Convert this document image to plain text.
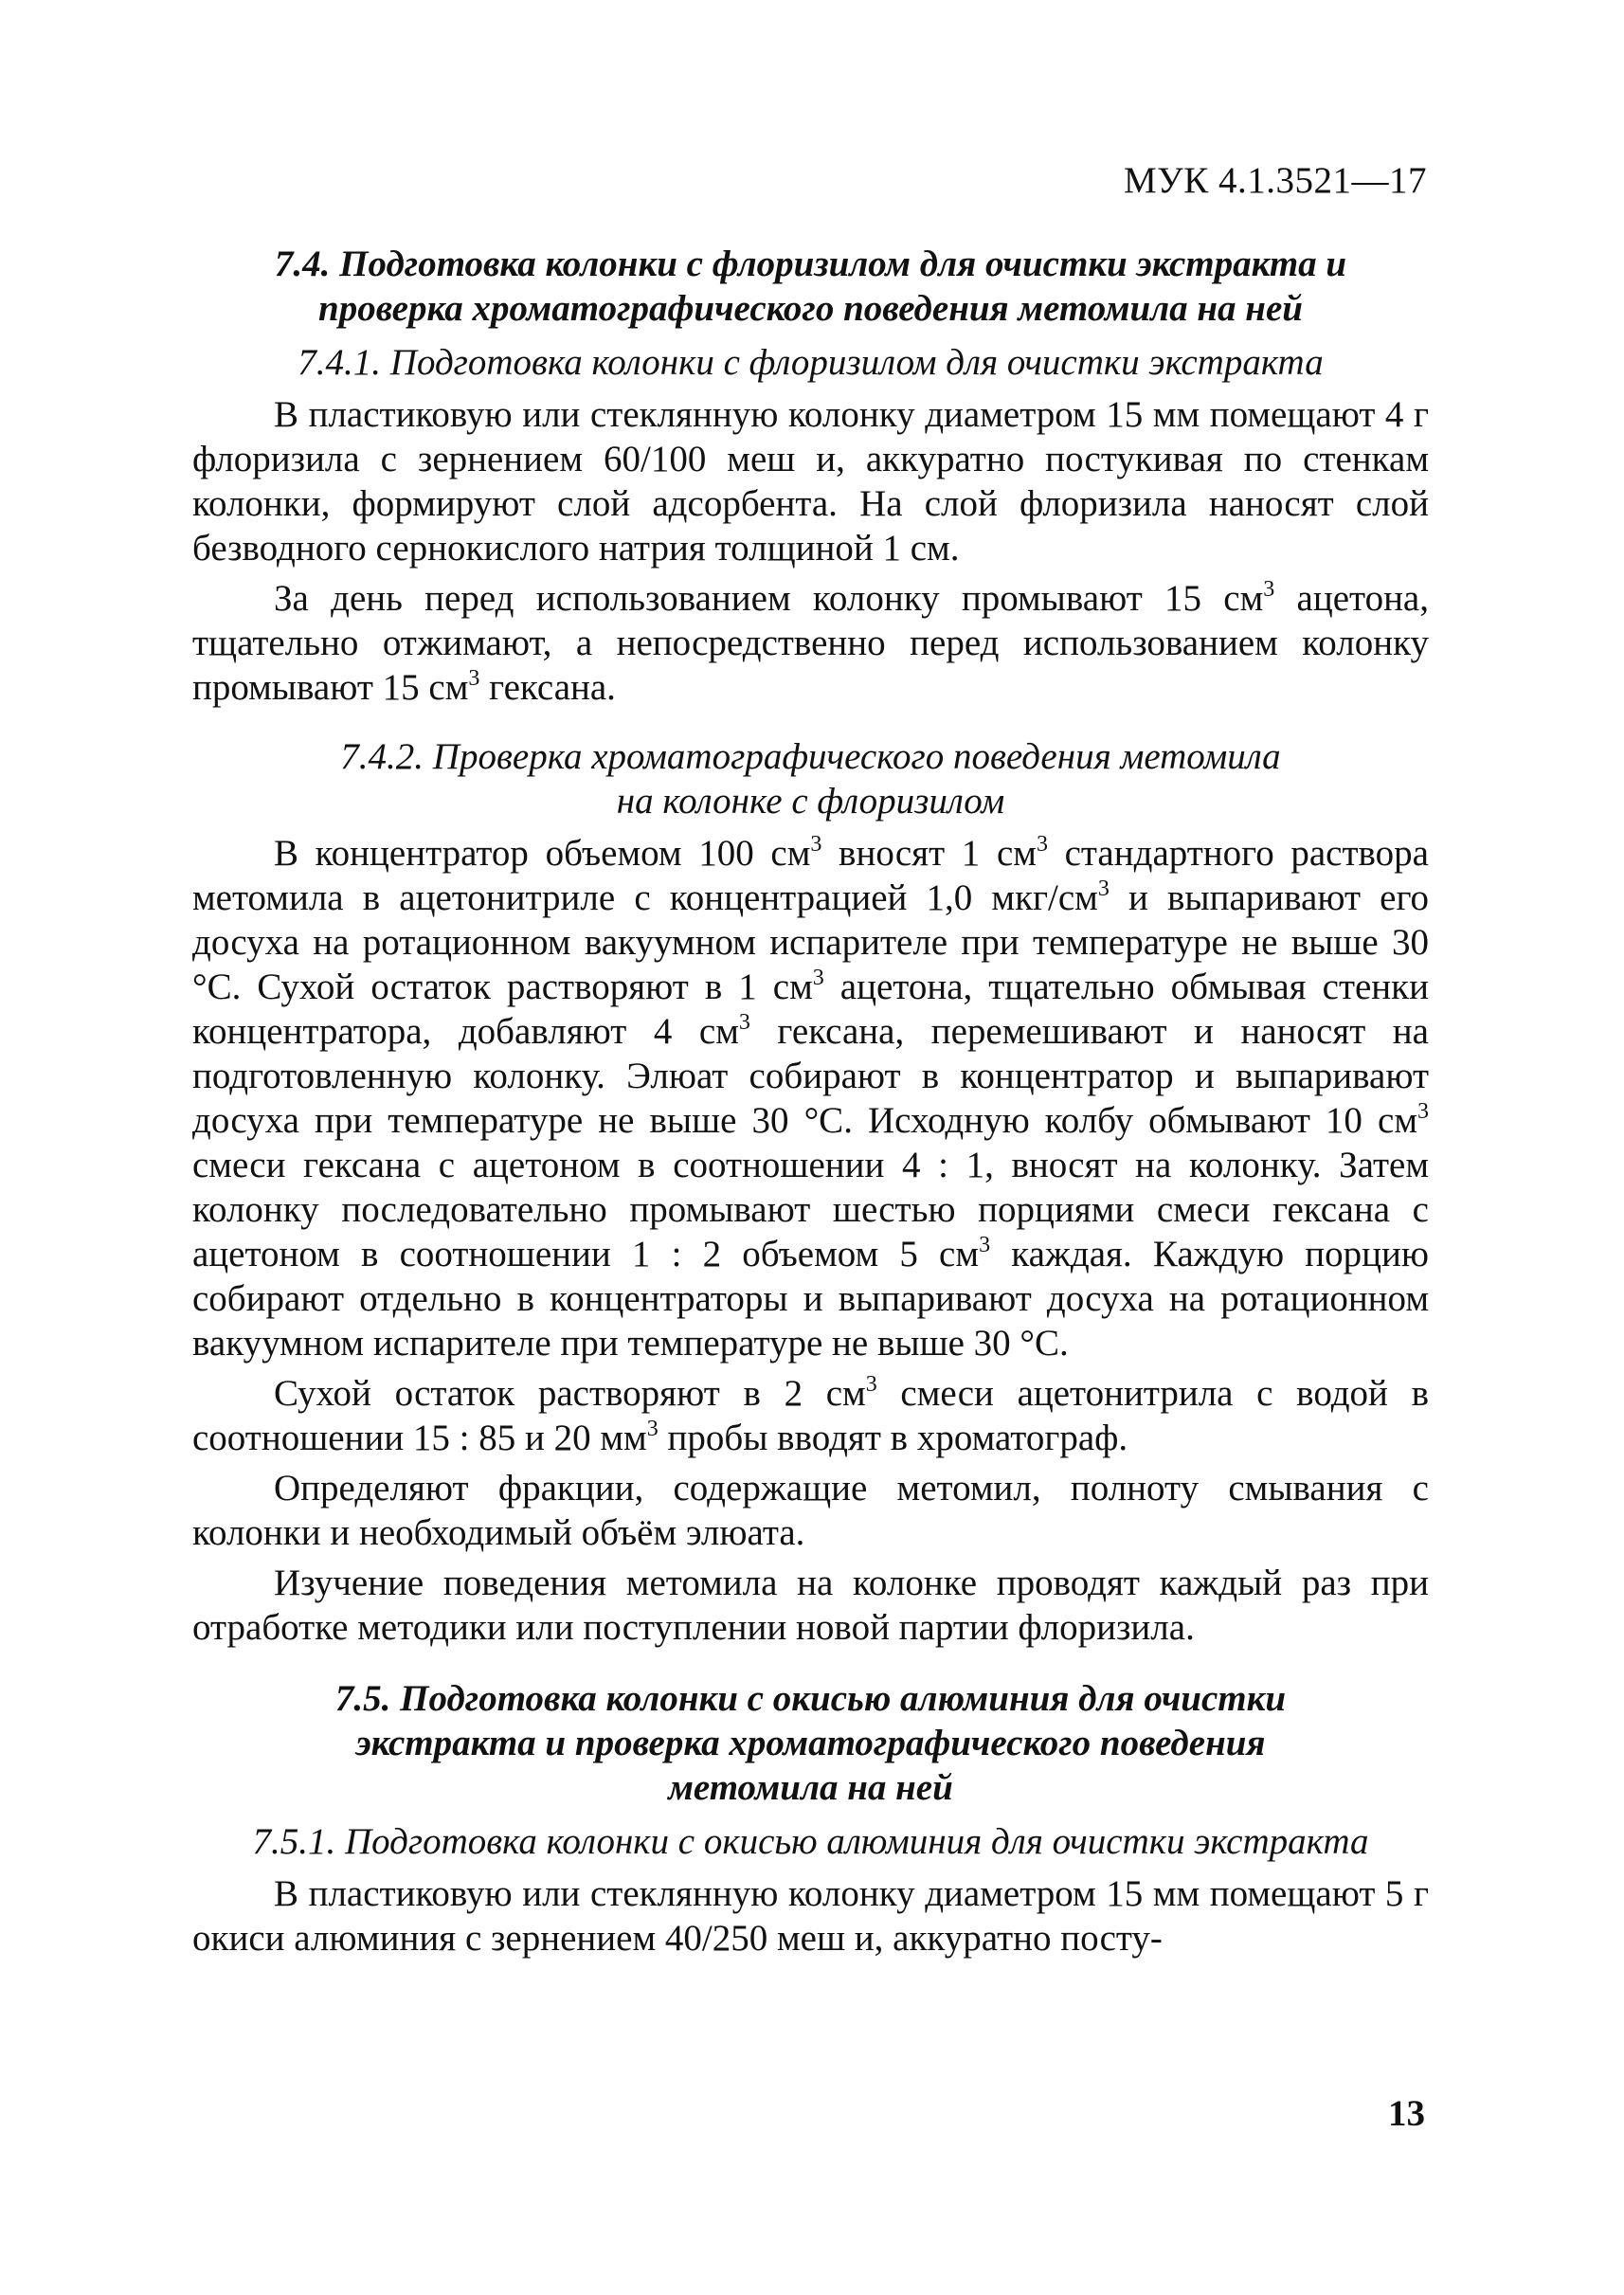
МУК 4.1.3521—17

7.4. Подготовка колонки с флоризилом для очистки экстракта и

проверка хроматографического поведения метомила на ней

7.4.1. Подготовка колонки с флоризилом для очистки экстракта

В пластиковую или стеклянную колонку диаметром 15 мм помещают 4 г флоризила с зернением 60/100 меш и, аккуратно постукивая по стенкам колонки, формируют слой адсорбента. На слой флоризила наносят слой безводного сернокислого натрия толщиной 1 см.

За день перед использованием колонку промывают 15 $см^3$ ацетона, тщательно отжимают, а непосредственно перед использованием колонку промывают 15 $см^3$ гексана.

7.4.2. Проверка хроматографического поведения метомила

на колонке с флоризилом

В концентратор объемом 100 $см^3$ вносят 1 $см^3$ стандартного раствора метомила в ацетонитриле с концентрацией 1,0 мкг/$см^3$ и выпаривают его досуха на ротационном вакуумном испарителе при температуре не выше 30 °С. Сухой остаток растворяют в 1 $см^3$ ацетона, тщательно обмывая стенки концентратора, добавляют 4 $см^3$ гексана, перемешивают и наносят на подготовленную колонку. Элюат собирают в концентратор и выпаривают досуха при температуре не выше 30 °С. Исходную колбу обмывают 10 $см^3$ смеси гексана с ацетоном в соотношении 4 : 1, вносят на колонку. Затем колонку последовательно промывают шестью порциями смеси гексана с ацетоном в соотношении 1 : 2 объемом 5 $см^3$ каждая. Каждую порцию собирают отдельно в концентраторы и выпаривают досуха на ротационном вакуумном испарителе при температуре не выше 30 °С.

Сухой остаток растворяют в 2 $см^3$ смеси ацетонитрила с водой в соотношении 15 : 85 и 20 $мм^3$ пробы вводят в хроматограф.

Определяют фракции, содержащие метомил, полноту смывания с колонки и необходимый объём элюата.

Изучение поведения метомила на колонке проводят каждый раз при отработке методики или поступлении новой партии флоризила.

7.5. Подготовка колонки с окисью алюминия для очистки

экстракта и проверка хроматографического поведения

метомила на ней

7.5.1. Подготовка колонки с окисью алюминия для очистки экстракта

В пластиковую или стеклянную колонку диаметром 15 мм помещают 5 г окиси алюминия с зернением 40/250 меш и, аккуратно посту-

13
